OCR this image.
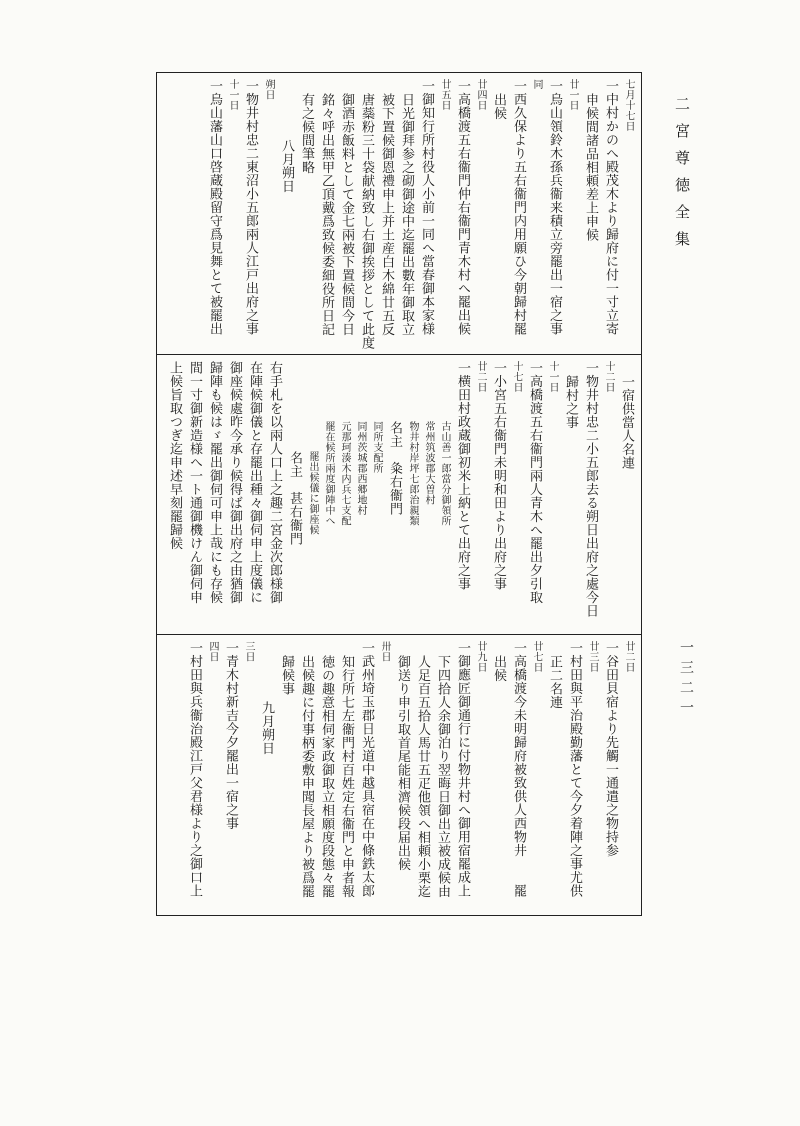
二宮尊徳全集
一三二一
七月十七日
一中村かのへ殿茂木より歸府に付一寸立寄
申候間諸品相頼差上申候
廿一日
一烏山領鈴木孫兵衞来積立旁罷出一宿之事
同
一西久保より五右衞門内用願ひ今朝歸村罷
出候
廿四日
一高橋渡五右衞門仲右衞門青木村へ罷出候
廿五日
一御知行所村役人小前一同へ當春御本家様
日光御拜参之砌御途中迄罷出數年御取立
被下置候御恩禮申上并土産白木綿廿五反
唐蘂粉三十袋献納致し右御挨拶として此度
御酒赤飯料として金七兩被下置候間今日
銘々呼出無甲乙頂戴爲致候委細役所日記
有之候間筆略
八月朔日
朔日
一物井村忠二東沼小五郎兩人江戸出府之事
十一日
一烏山藩山口啓蔵殿留守爲見舞とて被罷出
一宿供當人名連
十二日
一物井村忠二小五郎去る朔日出府之處今日
歸村之事
十一日
一高橋渡五右衞門兩人青木へ罷出夕引取
十七日
一小宮五右衞門未明和田より出府之事
廿二日
一横田村政蔵御初米上納とて出府之事
古山善一郎當分御領所
常州筑波郡大曽村
物井村岸坪七郎治親類
名主　粂右衞門
同所支配所
同州茨城郡西郷地村
元那珂湊木内兵七支配
罷在候所兩度御陣中へ
罷出候儀に御座候
名主　甚右衞門
右手札を以兩人口上之趣二宮金次郎様御
在陣候御儀と存罷出種々御伺申上度儀に
御座候處昨今承り候得ば御出府之由猶御
歸陣も候はゞ罷出御伺可申上哉にも存候
間一寸御新造様へ一ト通御機けん御伺申
上候旨取つぎ迄申述早刻罷歸候
廿二日
一谷田貝宿より先觸一通遣之物持参
廿三日
一村田與平治殿勤藩とて今夕着陣之事尤供
正二名連
廿七日
一高橋渡今未明歸府被致供人西物井　　罷
出候
廿九日
一御應匠御通行に付物井村へ御用宿罷成上
下四拾人余御泊り翌晦日御出立被成候由
人足百五拾人馬廿五疋他領へ相頼小栗迄
御送り申引取首尾能相濟候段届出候
卅日
一武州埼玉郡日光道中越具宿在中條鉄太郎
知行所七左衞門村百姓定右衞門と申者報
徳の趣意相伺家政御取立相願度段態々罷
出候趣に付事柄委敷申聞長屋より被爲罷
歸候事
九月朔日
三日
一青木村新吉今夕罷出一宿之事
四日
一村田與兵衞治殿江戸父君様より之御口上
